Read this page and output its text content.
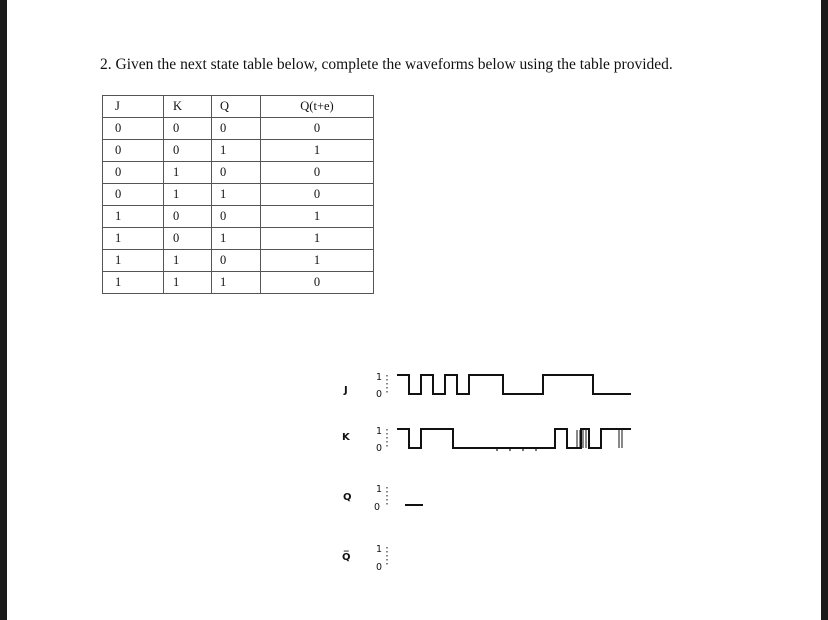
2. Given the next state table below, complete the waveforms below using the table provided.

J	K	Q	Q(t+e)
0	0	0	0
0	0	1	1
0	1	0	0
0	1	1	0
1	0	0	1
1	0	1	1
1	1	0	1
1	1	1	0
J
1
0
K
1
0
Q
1
0
Q̅
1
0
